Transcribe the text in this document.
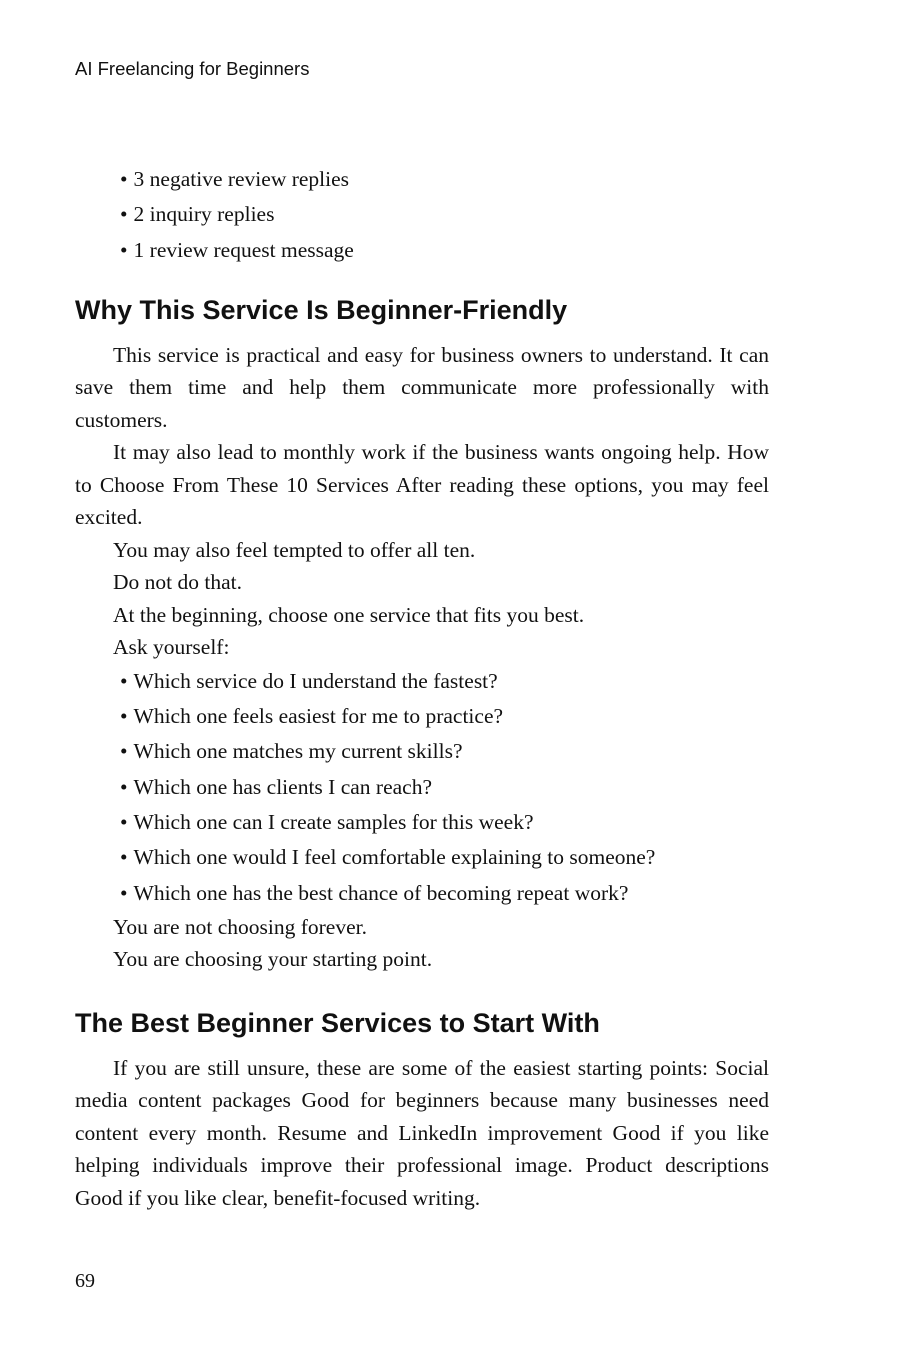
AI Freelancing for Beginners
• 3 negative review replies
• 2 inquiry replies
• 1 review request message
Why This Service Is Beginner-Friendly

This service is practical and easy for business owners to understand. It can save them time and help them communicate more professionally with customers.

It may also lead to monthly work if the business wants ongoing help. How to Choose From These 10 Services After reading these options, you may feel excited.

You may also feel tempted to offer all ten.

Do not do that.

At the beginning, choose one service that fits you best.

Ask yourself:

• Which service do I understand the fastest?
• Which one feels easiest for me to practice?
• Which one matches my current skills?
• Which one has clients I can reach?
• Which one can I create samples for this week?
• Which one would I feel comfortable explaining to someone?
• Which one has the best chance of becoming repeat work?

You are not choosing forever.

You are choosing your starting point.

The Best Beginner Services to Start With

If you are still unsure, these are some of the easiest starting points: Social media content packages Good for beginners because many businesses need content every month. Resume and LinkedIn improvement Good if you like helping individuals improve their professional image. Product descriptions Good if you like clear, benefit-focused writing.

69
